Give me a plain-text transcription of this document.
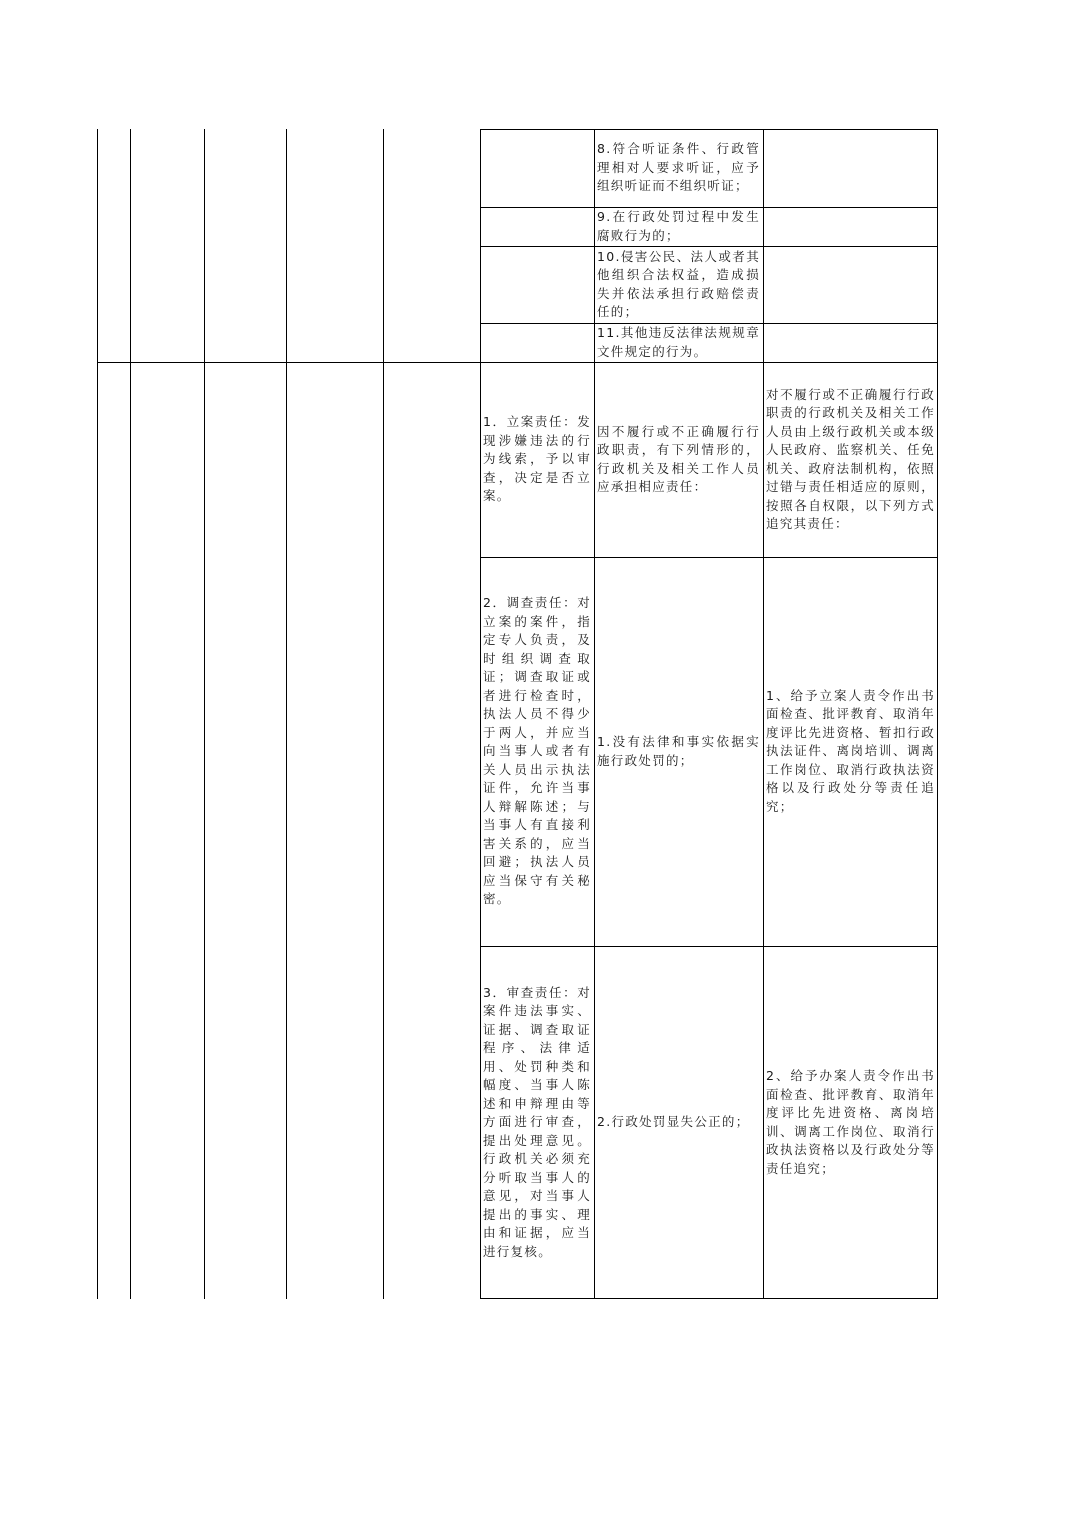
8.符合听证条件、行政管理相对人要求听证，应予组织听证而不组织听证；
9.在行政处罚过程中发生腐败行为的；
10.侵害公民、法人或者其他组织合法权益，造成损失并依法承担行政赔偿责任的；
11.其他违反法律法规规章文件规定的行为。
1．立案责任：发现涉嫌违法的行为线索，予以审查，决定是否立案。
因不履行或不正确履行行政职责，有下列情形的，行政机关及相关工作人员应承担相应责任：
对不履行或不正确履行行政职责的行政机关及相关工作人员由上级行政机关或本级人民政府、监察机关、任免机关、政府法制机构，依照过错与责任相适应的原则，按照各自权限，以下列方式追究其责任：
2．调查责任：对立案的案件，指定专人负责，及时组织调查取证；调查取证或者进行检查时，执法人员不得少于两人，并应当向当事人或者有关人员出示执法证件，允许当事人辩解陈述；与当事人有直接利害关系的，应当回避；执法人员应当保守有关秘密。
1.没有法律和事实依据实施行政处罚的；
1、给予立案人责令作出书面检查、批评教育、取消年度评比先进资格、暂扣行政执法证件、离岗培训、调离工作岗位、取消行政执法资格以及行政处分等责任追究；
3．审查责任：对案件违法事实、证据、调查取证程序、法律适用、处罚种类和幅度、当事人陈述和申辩理由等方面进行审查，提出处理意见。行政机关必须充分听取当事人的意见，对当事人提出的事实、理由和证据，应当进行复核。
2.行政处罚显失公正的；
2、给予办案人责令作出书面检查、批评教育、取消年度评比先进资格、离岗培训、调离工作岗位、取消行政执法资格以及行政处分等责任追究；
